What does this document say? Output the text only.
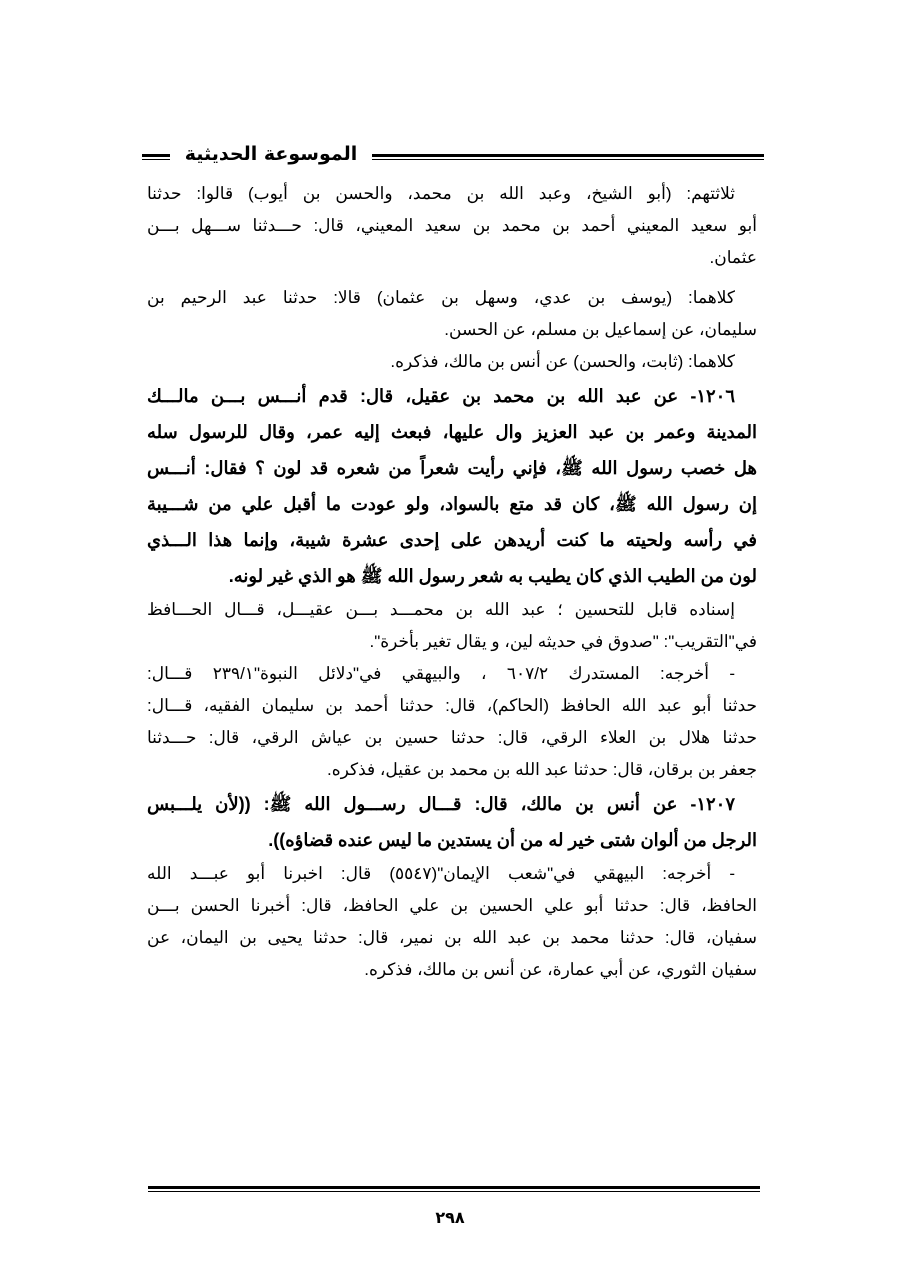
الموسوعة الحديثية
ثلاثتهم: (أبو الشيخ، وعبد الله بن محمد، والحسن بن أيوب) قالوا: حدثنا
أبو سعيد المعيني أحمد بن محمد بن سعيد المعيني، قال: حـــدثنا ســـهل بـــن
عثمان.
كلاهما: (يوسف بن عدي، وسهل بن عثمان) قالا: حدثنا عبد الرحيم بن
سليمان، عن إسماعيل بن مسلم، عن الحسن.
كلاهما: (ثابت، والحسن) عن أنس بن مالك، فذكره.
١٢٠٦- عن عبد الله بن محمد بن عقيل، قال: قدم أنـــس بـــن مالـــك
المدينة وعمر بن عبد العزيز وال عليها، فبعث إليه عمر، وقال للرسول سله
هل خصب رسول الله ﷺ، فإني رأيت شعراً من شعره قد لون ؟ فقال: أنـــس
إن رسول الله ﷺ، كان قد متع بالسواد، ولو عودت ما أقبل علي من شـــيبة
في رأسه ولحيته ما كنت أريدهن على إحدى عشرة شيبة، وإنما هذا الـــذي
لون من الطيب الذي كان يطيب به شعر رسول الله ﷺ هو الذي غير لونه.
إسناده قابل للتحسين ؛ عبد الله بن محمـــد بـــن عقيـــل، قـــال الحـــافظ
في"التقريب": "صدوق في حديثه لين، و يقال تغير بأخرة".
- أخرجه: المستدرك ٦٠٧/٢ ، والبيهقي في"دلائل النبوة"٢٣٩/١ قـــال:
حدثنا أبو عبد الله الحافظ (الحاكم)، قال: حدثنا أحمد بن سليمان الفقيه، قـــال:
حدثنا هلال بن العلاء الرقي، قال: حدثنا حسين بن عياش الرقي، قال: حـــدثنا
جعفر بن برقان، قال: حدثنا عبد الله بن محمد بن عقيل، فذكره.
١٢٠٧- عن أنس بن مالك، قال: قـــال رســـول الله ﷺ: ((لأن يلـــبس
الرجل من ألوان شتى خير له من أن يستدين ما ليس عنده قضاؤه)).
- أخرجه: البيهقي في"شعب الإيمان"(٥٥٤٧) قال: اخبرنا أبو عبـــد الله
الحافظ، قال: حدثنا أبو علي الحسين بن علي الحافظ، قال: أخبرنا الحسن بـــن
سفيان، قال: حدثنا محمد بن عبد الله بن نمير، قال: حدثنا يحيى بن اليمان، عن
سفيان الثوري، عن أبي عمارة، عن أنس بن مالك، فذكره.
٢٩٨
